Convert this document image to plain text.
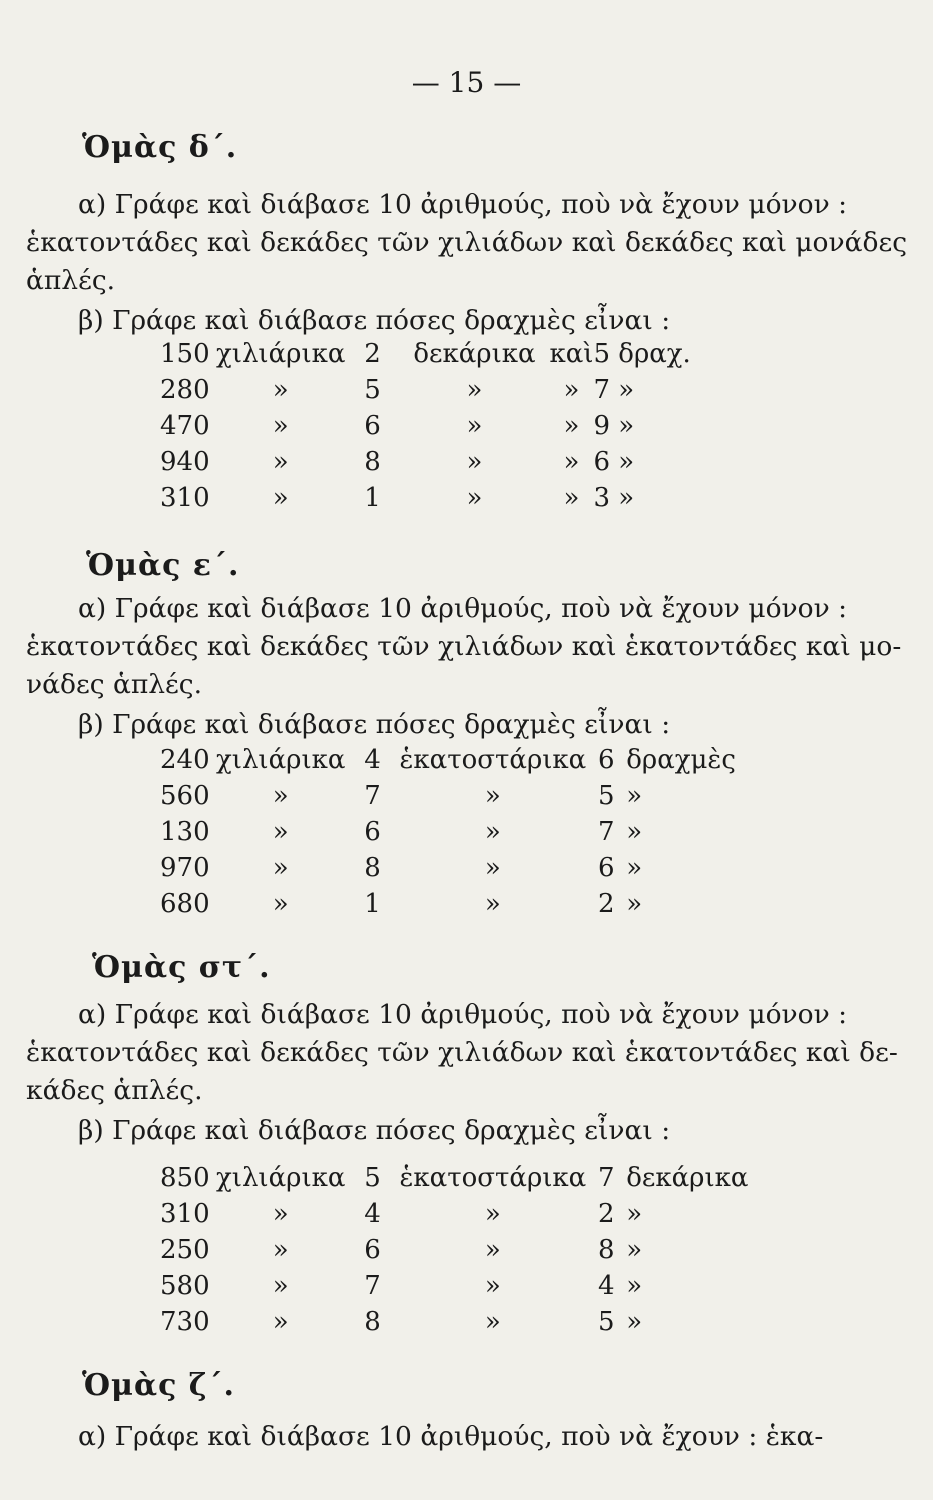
— 15 —
Ὁμὰς δ΄.
α) Γράφε καὶ διάβασε 10 ἀριθμούς, ποὺ νὰ ἔχουν μόνον :
ἑκατοντάδες καὶ δεκάδες τῶν χιλιάδων καὶ δεκάδες καὶ μονάδες
ἁπλές.
β) Γράφε καὶ διάβασε πόσες δραχμὲς εἶναι :
150	χιλιάρικα	2	δεκάρικα	καὶ	5 δραχ.
280	»	5	»	»	7 »
470	»	6	»	»	9 »
940	»	8	»	»	6 »
310	»	1	»	»	3 »
Ὁμὰς ε΄.
α) Γράφε καὶ διάβασε 10 ἀριθμούς, ποὺ νὰ ἔχουν μόνον :
ἑκατοντάδες καὶ δεκάδες τῶν χιλιάδων καὶ ἑκατοντάδες καὶ μο-
νάδες ἁπλές.
β) Γράφε καὶ διάβασε πόσες δραχμὲς εἶναι :
240	χιλιάρικα	4	ἑκατοστάρικα	6	δραχμὲς
560	»	7	»	5	»
130	»	6	»	7	»
970	»	8	»	6	»
680	»	1	»	2	»
Ὁμὰς στ΄.
α) Γράφε καὶ διάβασε 10 ἀριθμούς, ποὺ νὰ ἔχουν μόνον :
ἑκατοντάδες καὶ δεκάδες τῶν χιλιάδων καὶ ἑκατοντάδες καὶ δε-
κάδες ἁπλές.
β) Γράφε καὶ διάβασε πόσες δραχμὲς εἶναι :
850	χιλιάρικα	5	ἑκατοστάρικα	7	δεκάρικα
310	»	4	»	2	»
250	»	6	»	8	»
580	»	7	»	4	»
730	»	8	»	5	»
Ὁμὰς ζ΄.
α) Γράφε καὶ διάβασε 10 ἀριθμούς, ποὺ νὰ ἔχουν : ἑκα-
